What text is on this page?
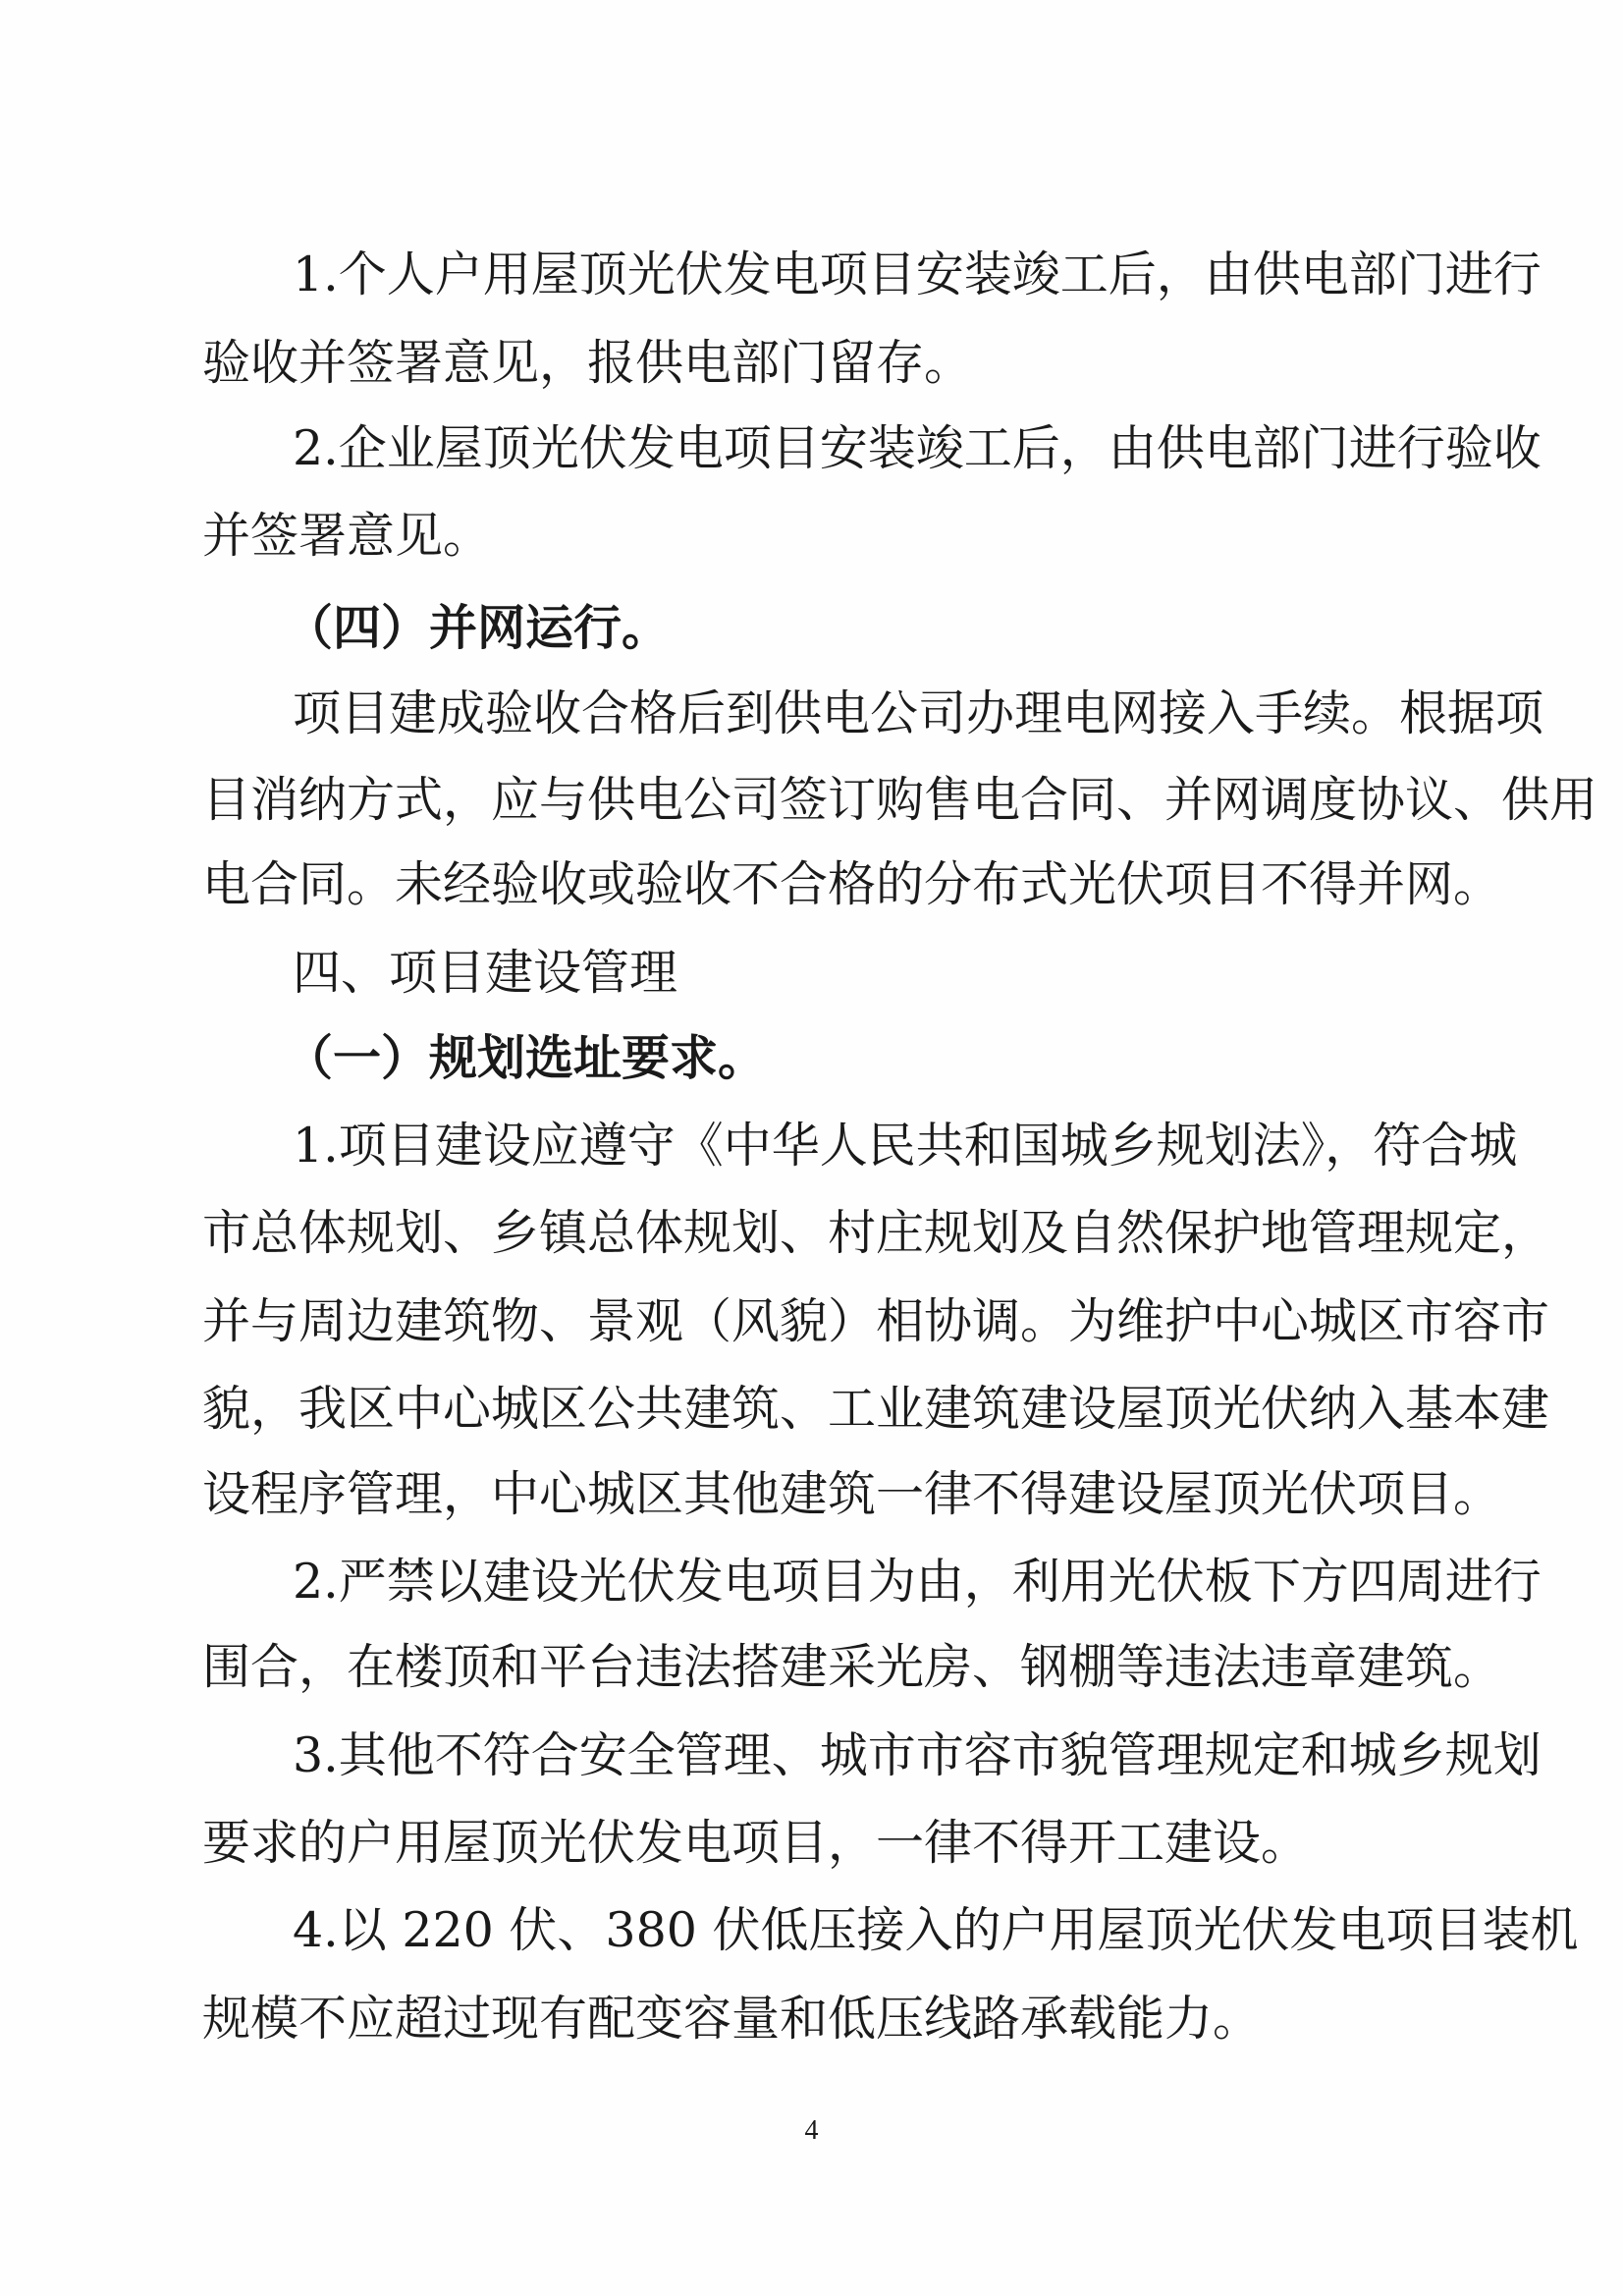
1.个人户用屋顶光伏发电项目安装竣工后，由供电部门进行
验收并签署意见，报供电部门留存。
2.企业屋顶光伏发电项目安装竣工后，由供电部门进行验收
并签署意见。
（四）并网运行。
项目建成验收合格后到供电公司办理电网接入手续。根据项
目消纳方式，应与供电公司签订购售电合同、并网调度协议、供用
电合同。未经验收或验收不合格的分布式光伏项目不得并网。
四、项目建设管理
（一）规划选址要求。
1.项目建设应遵守《中华人民共和国城乡规划法》，符合城
市总体规划、乡镇总体规划、村庄规划及自然保护地管理规定，
并与周边建筑物、景观（风貌）相协调。为维护中心城区市容市
貌，我区中心城区公共建筑、工业建筑建设屋顶光伏纳入基本建
设程序管理，中心城区其他建筑一律不得建设屋顶光伏项目。
2.严禁以建设光伏发电项目为由，利用光伏板下方四周进行
围合，在楼顶和平台违法搭建采光房、钢棚等违法违章建筑。
3.其他不符合安全管理、城市市容市貌管理规定和城乡规划
要求的户用屋顶光伏发电项目，一律不得开工建设。
4.以 220 伏、380 伏低压接入的户用屋顶光伏发电项目装机
规模不应超过现有配变容量和低压线路承载能力。
4
